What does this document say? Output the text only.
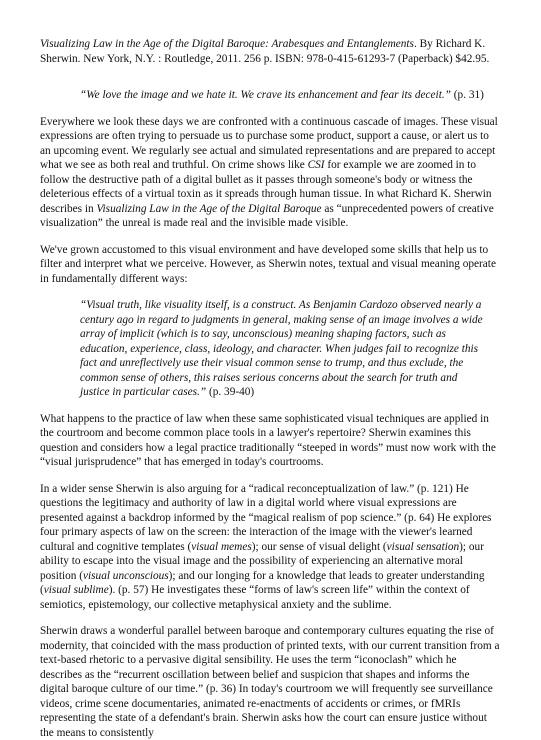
Visualizing Law in the Age of the Digital Baroque: Arabesques and Entanglements. By Richard K. Sherwin. New York, N.Y. : Routledge, 2011. 256 p. ISBN: 978-0-415-61293-7 (Paperback) $42.95.

“We love the image and we hate it. We crave its enhancement and fear its deceit.” (p. 31)

Everywhere we look these days we are confronted with a continuous cascade of images. These visual expressions are often trying to persuade us to purchase some product, support a cause, or alert us to an upcoming event. We regularly see actual and simulated representations and are prepared to accept what we see as both real and truthful. On crime shows like CSI for example we are zoomed in to follow the destructive path of a digital bullet as it passes through someone's body or witness the deleterious effects of a virtual toxin as it spreads through human tissue. In what Richard K. Sherwin describes in Visualizing Law in the Age of the Digital Baroque as “unprecedented powers of creative visualization” the unreal is made real and the invisible made visible.

We've grown accustomed to this visual environment and have developed some skills that help us to filter and interpret what we perceive. However, as Sherwin notes, textual and visual meaning operate in fundamentally different ways:

“Visual truth, like visuality itself, is a construct. As Benjamin Cardozo observed nearly a century ago in regard to judgments in general, making sense of an image involves a wide array of implicit (which is to say, unconscious) meaning shaping factors, such as education, experience, class, ideology, and character. When judges fail to recognize this fact and unreflectively use their visual common sense to trump, and thus exclude, the common sense of others, this raises serious concerns about the search for truth and justice in particular cases.” (p. 39-40)

What happens to the practice of law when these same sophisticated visual techniques are applied in the courtroom and become common place tools in a lawyer's repertoire? Sherwin examines this question and considers how a legal practice traditionally “steeped in words” must now work with the “visual jurisprudence” that has emerged in today's courtrooms.

In a wider sense Sherwin is also arguing for a “radical reconceptualization of law.” (p. 121) He questions the legitimacy and authority of law in a digital world where visual expressions are presented against a backdrop informed by the “magical realism of pop science.” (p. 64) He explores four primary aspects of law on the screen: the interaction of the image with the viewer's learned cultural and cognitive templates (visual memes); our sense of visual delight (visual sensation); our ability to escape into the visual image and the possibility of experiencing an alternative moral position (visual unconscious); and our longing for a knowledge that leads to greater understanding (visual sublime). (p. 57) He investigates these “forms of law's screen life” within the context of semiotics, epistemology, our collective metaphysical anxiety and the sublime.

Sherwin draws a wonderful parallel between baroque and contemporary cultures equating the rise of modernity, that coincided with the mass production of printed texts, with our current transition from a text-based rhetoric to a pervasive digital sensibility. He uses the term “iconoclash” which he describes as the “recurrent oscillation between belief and suspicion that shapes and informs the digital baroque culture of our time.” (p. 36) In today's courtroom we will frequently see surveillance videos, crime scene documentaries, animated re-enactments of accidents or crimes, or fMRIs representing the state of a defendant's brain. Sherwin asks how the court can ensure justice without the means to consistently
